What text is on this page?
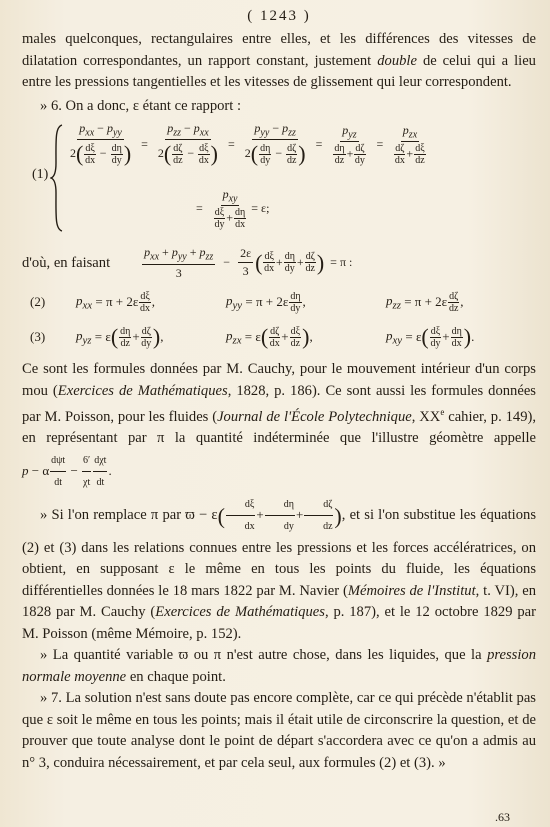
( 1243 )

males quelconques, rectangulaires entre elles, et les différences des vitesses de dilatation correspondantes, un rapport constant, justement double de celui qui a lieu entre les pressions tangentielles et les vitesses de glissement qui leur correspondent.

» 6. On a donc, ε étant ce rapport :

(1)
$\frac{p_{xx} - p_{yy}}{2( \frac{d\xi}{dx} - \frac{d\eta}{dy} )} = \frac{p_{zz} - p_{xx}}{2( \frac{d\zeta}{dz} - \frac{d\xi}{dx} )} = \frac{p_{yy} - p_{zz}}{2( \frac{d\eta}{dy} - \frac{d\zeta}{dz} )} = \frac{p_{yz}}{\frac{d\eta}{dz} + \frac{d\zeta}{dy}} = \frac{p_{zx}}{\frac{d\zeta}{dx} + \frac{d\xi}{dz}}$
= $\frac{p_{xy}}{\frac{d\xi}{dy} + \frac{d\eta}{dx}} = \varepsilon$;
d'où, en faisant	$\frac{p_{xx} + p_{yy} + p_{zz}}{3} - \frac{2\varepsilon}{3}$ ( dξ
dx + dη
dy + dζ
dz ) = π :
(2)	$p_{xx} = \pi + 2\varepsilon$ dξ
dx ,	$p_{yy} = \pi + 2\varepsilon$ dη
dy ,	$p_{zz} = \pi + 2\varepsilon$ dζ
dz ,
(3)	$p_{yz} = \varepsilon$ ( dη
dz + dζ
dy ) ,	$p_{zx} = \varepsilon$ ( dζ
dx + dξ
dz ) ,	$p_{xy} = \varepsilon$ ( dξ
dy + dη
dx ) .

Ce sont les formules données par M. Cauchy, pour le mouvement intérieur d'un corps mou (Exercices de Mathématiques, 1828, p. 186). Ce sont aussi les formules données par M. Poisson, pour les fluides (Journal de l'École Polytechnique, XXe cahier, p. 149), en représentant par π la quantité indéterminée que l'illustre géomètre appelle p − α
dψt
dt
− $\frac{6'}{\chi t}$ dχt
dt
.

» Si l'on remplace π par $ϖ - \varepsilon( \frac{d\xi}{dx} + \frac{d\eta}{dy} + \frac{d\zeta}{dz}$ ), et si l'on substitue les équations (2) et (3) dans les relations connues entre les pressions et les forces accélératrices, on obtient, en supposant ε le même en tous les points du fluide, les équations différentielles données le 18 mars 1822 par M. Navier (Mémoires de l'Institut, t. VI), en 1828 par M. Cauchy (Exercices de Mathématiques, p. 187), et le 12 octobre 1829 par M. Poisson (même Mémoire, p. 152).

» La quantité variable ϖ ou π n'est autre chose, dans les liquides, que la pression normale moyenne en chaque point.

» 7. La solution n'est sans doute pas encore complète, car ce qui précède n'établit pas que ε soit le même en tous les points; mais il était utile de circonscrire la question, et de prouver que toute analyse dont le point de départ s'accordera avec ce qu'on a admis au n° 3, conduira nécessairement, et par cela seul, aux formules (2) et (3). »

.63
